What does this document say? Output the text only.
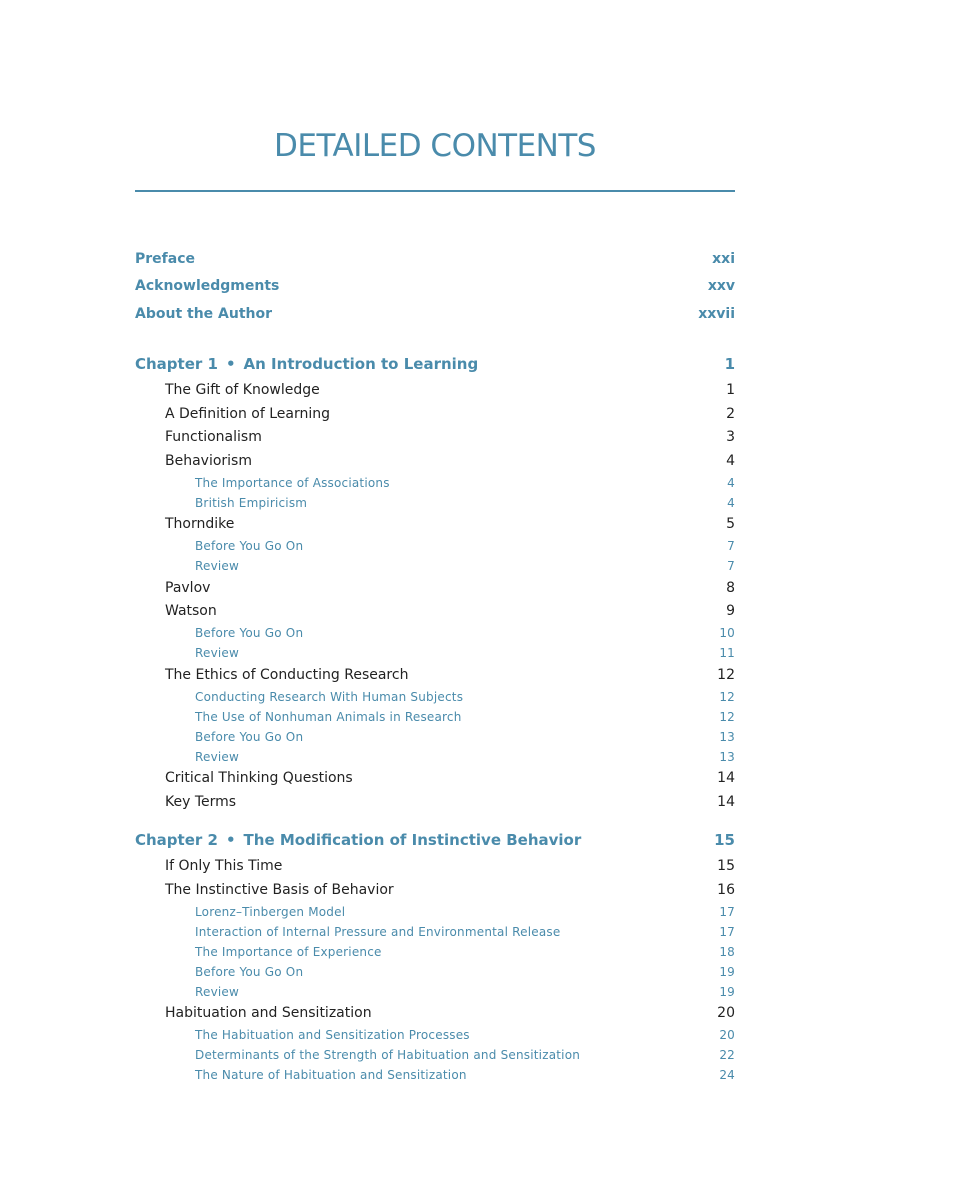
DETAILED CONTENTS
Preface	xxi
Acknowledgments	xxv
About the Author	xxvii
Chapter 1 • An Introduction to Learning	1
The Gift of Knowledge	1
A Definition of Learning	2
Functionalism	3
Behaviorism	4
The Importance of Associations	4
British Empiricism	4
Thorndike	5
Before You Go On	7
Review	7
Pavlov	8
Watson	9
Before You Go On	10
Review	11
The Ethics of Conducting Research	12
Conducting Research With Human Subjects	12
The Use of Nonhuman Animals in Research	12
Before You Go On	13
Review	13
Critical Thinking Questions	14
Key Terms	14
Chapter 2 • The Modification of Instinctive Behavior	15
If Only This Time	15
The Instinctive Basis of Behavior	16
Lorenz–Tinbergen Model	17
Interaction of Internal Pressure and Environmental Release	17
The Importance of Experience	18
Before You Go On	19
Review	19
Habituation and Sensitization	20
The Habituation and Sensitization Processes	20
Determinants of the Strength of Habituation and Sensitization	22
The Nature of Habituation and Sensitization	24
